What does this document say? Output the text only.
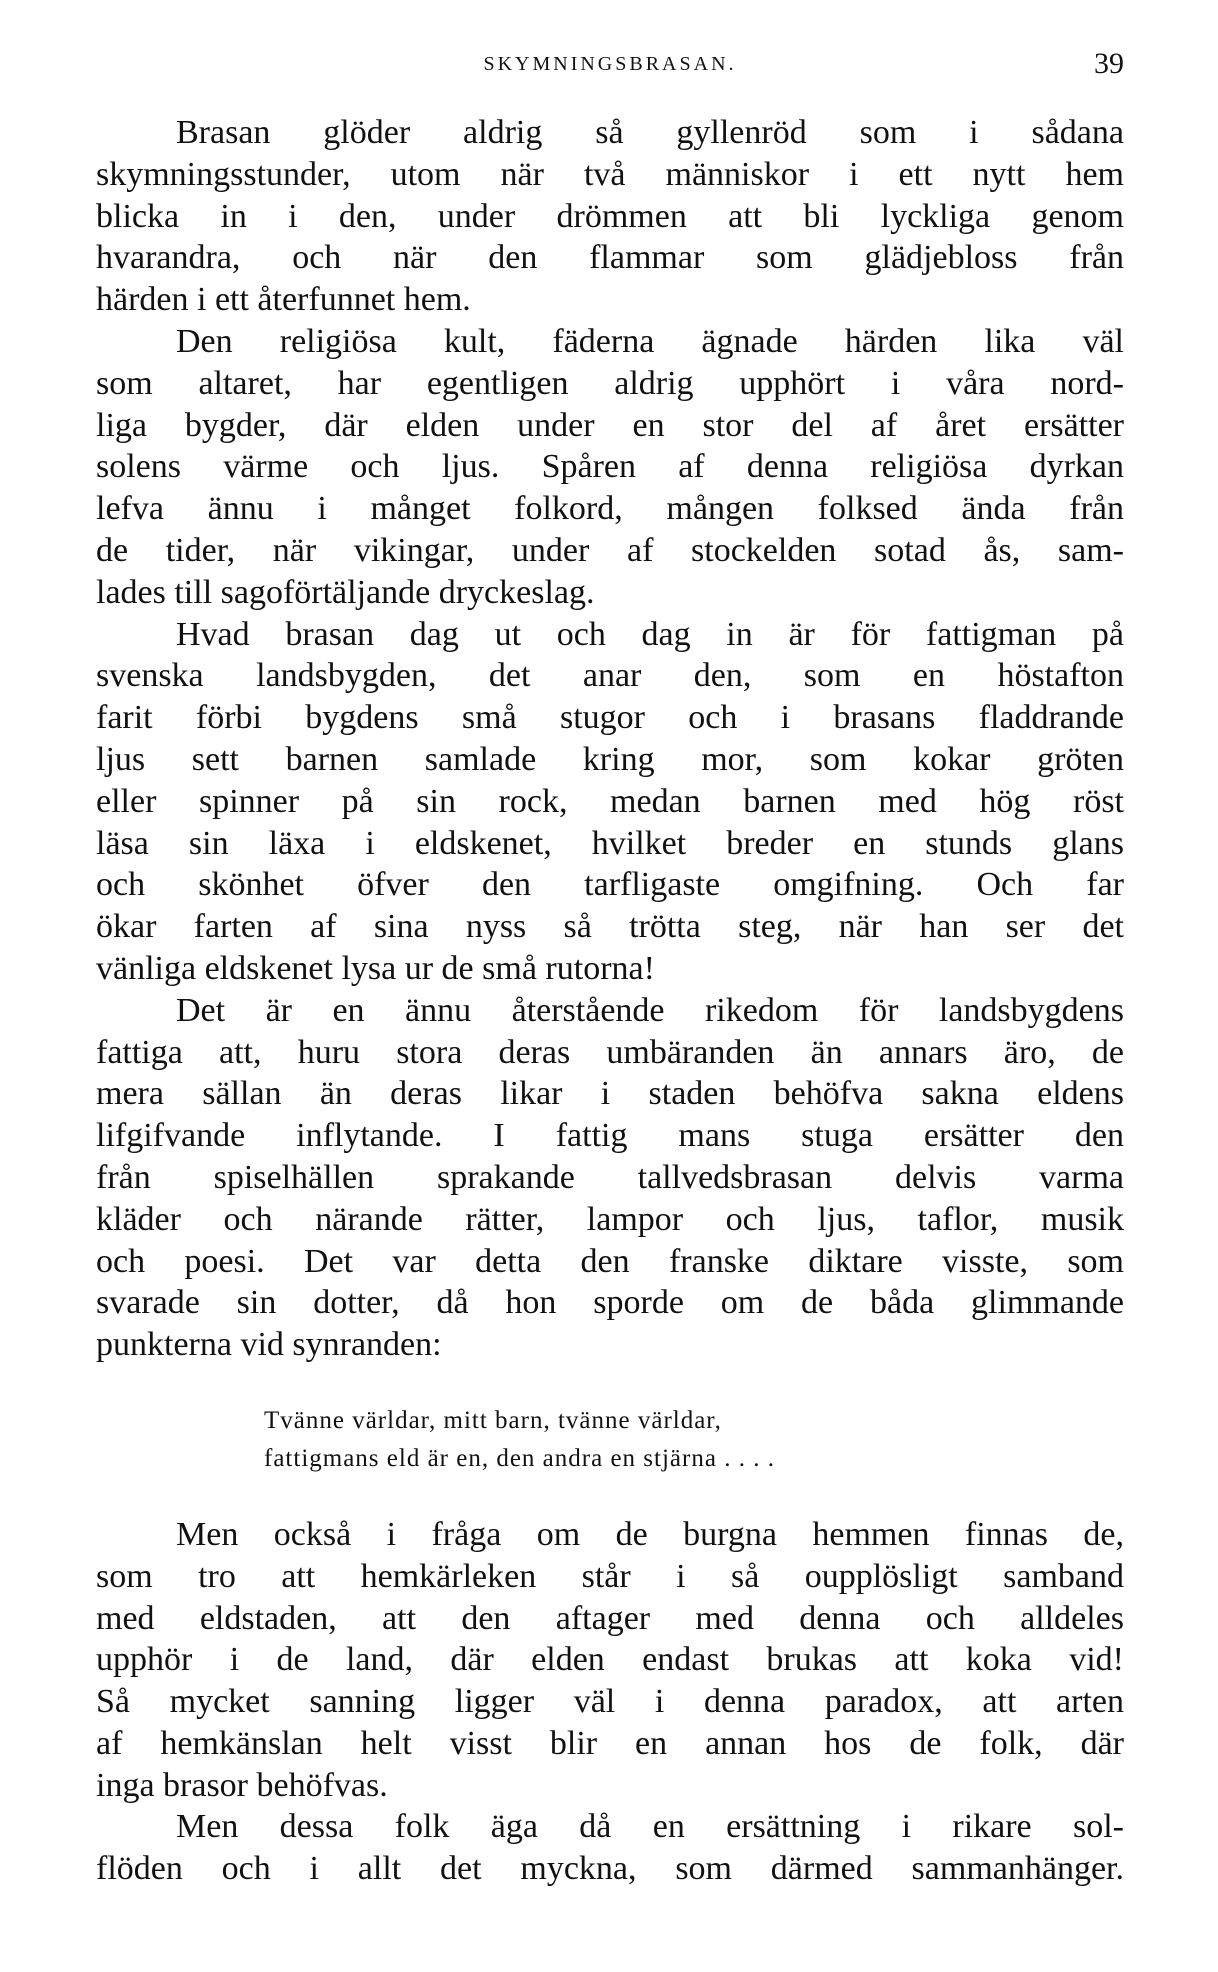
SKYMNINGSBRASAN.	39
Brasan glöder aldrig så gyllenröd som i sådana
skymningsstunder, utom när två människor i ett nytt hem
blicka in i den, under drömmen att bli lyckliga genom
hvarandra, och när den flammar som glädjebloss från
härden i ett återfunnet hem.
Den religiösa kult, fäderna ägnade härden lika väl
som altaret, har egentligen aldrig upphört i våra nord-
liga bygder, där elden under en stor del af året ersätter
solens värme och ljus. Spåren af denna religiösa dyrkan
lefva ännu i månget folkord, mången folksed ända från
de tider, när vikingar, under af stockelden sotad ås, sam-
lades till sagoförtäljande dryckeslag.
Hvad brasan dag ut och dag in är för fattigman på
svenska landsbygden, det anar den, som en höstafton
farit förbi bygdens små stugor och i brasans fladdrande
ljus sett barnen samlade kring mor, som kokar gröten
eller spinner på sin rock, medan barnen med hög röst
läsa sin läxa i eldskenet, hvilket breder en stunds glans
och skönhet öfver den tarfligaste omgifning. Och far
ökar farten af sina nyss så trötta steg, när han ser det
vänliga eldskenet lysa ur de små rutorna!
Det är en ännu återstående rikedom för landsbygdens
fattiga att, huru stora deras umbäranden än annars äro, de
mera sällan än deras likar i staden behöfva sakna eldens
lifgifvande inflytande. I fattig mans stuga ersätter den
från spiselhällen sprakande tallvedsbrasan delvis varma
kläder och närande rätter, lampor och ljus, taflor, musik
och poesi. Det var detta den franske diktare visste, som
svarade sin dotter, då hon sporde om de båda glimmande
punkterna vid synranden:
Tvänne världar, mitt barn, tvänne världar,
fattigmans eld är en, den andra en stjärna . . . .
Men också i fråga om de burgna hemmen finnas de,
som tro att hemkärleken står i så oupplösligt samband
med eldstaden, att den aftager med denna och alldeles
upphör i de land, där elden endast brukas att koka vid!
Så mycket sanning ligger väl i denna paradox, att arten
af hemkänslan helt visst blir en annan hos de folk, där
inga brasor behöfvas.
Men dessa folk äga då en ersättning i rikare sol-
flöden och i allt det myckna, som därmed sammanhänger.
